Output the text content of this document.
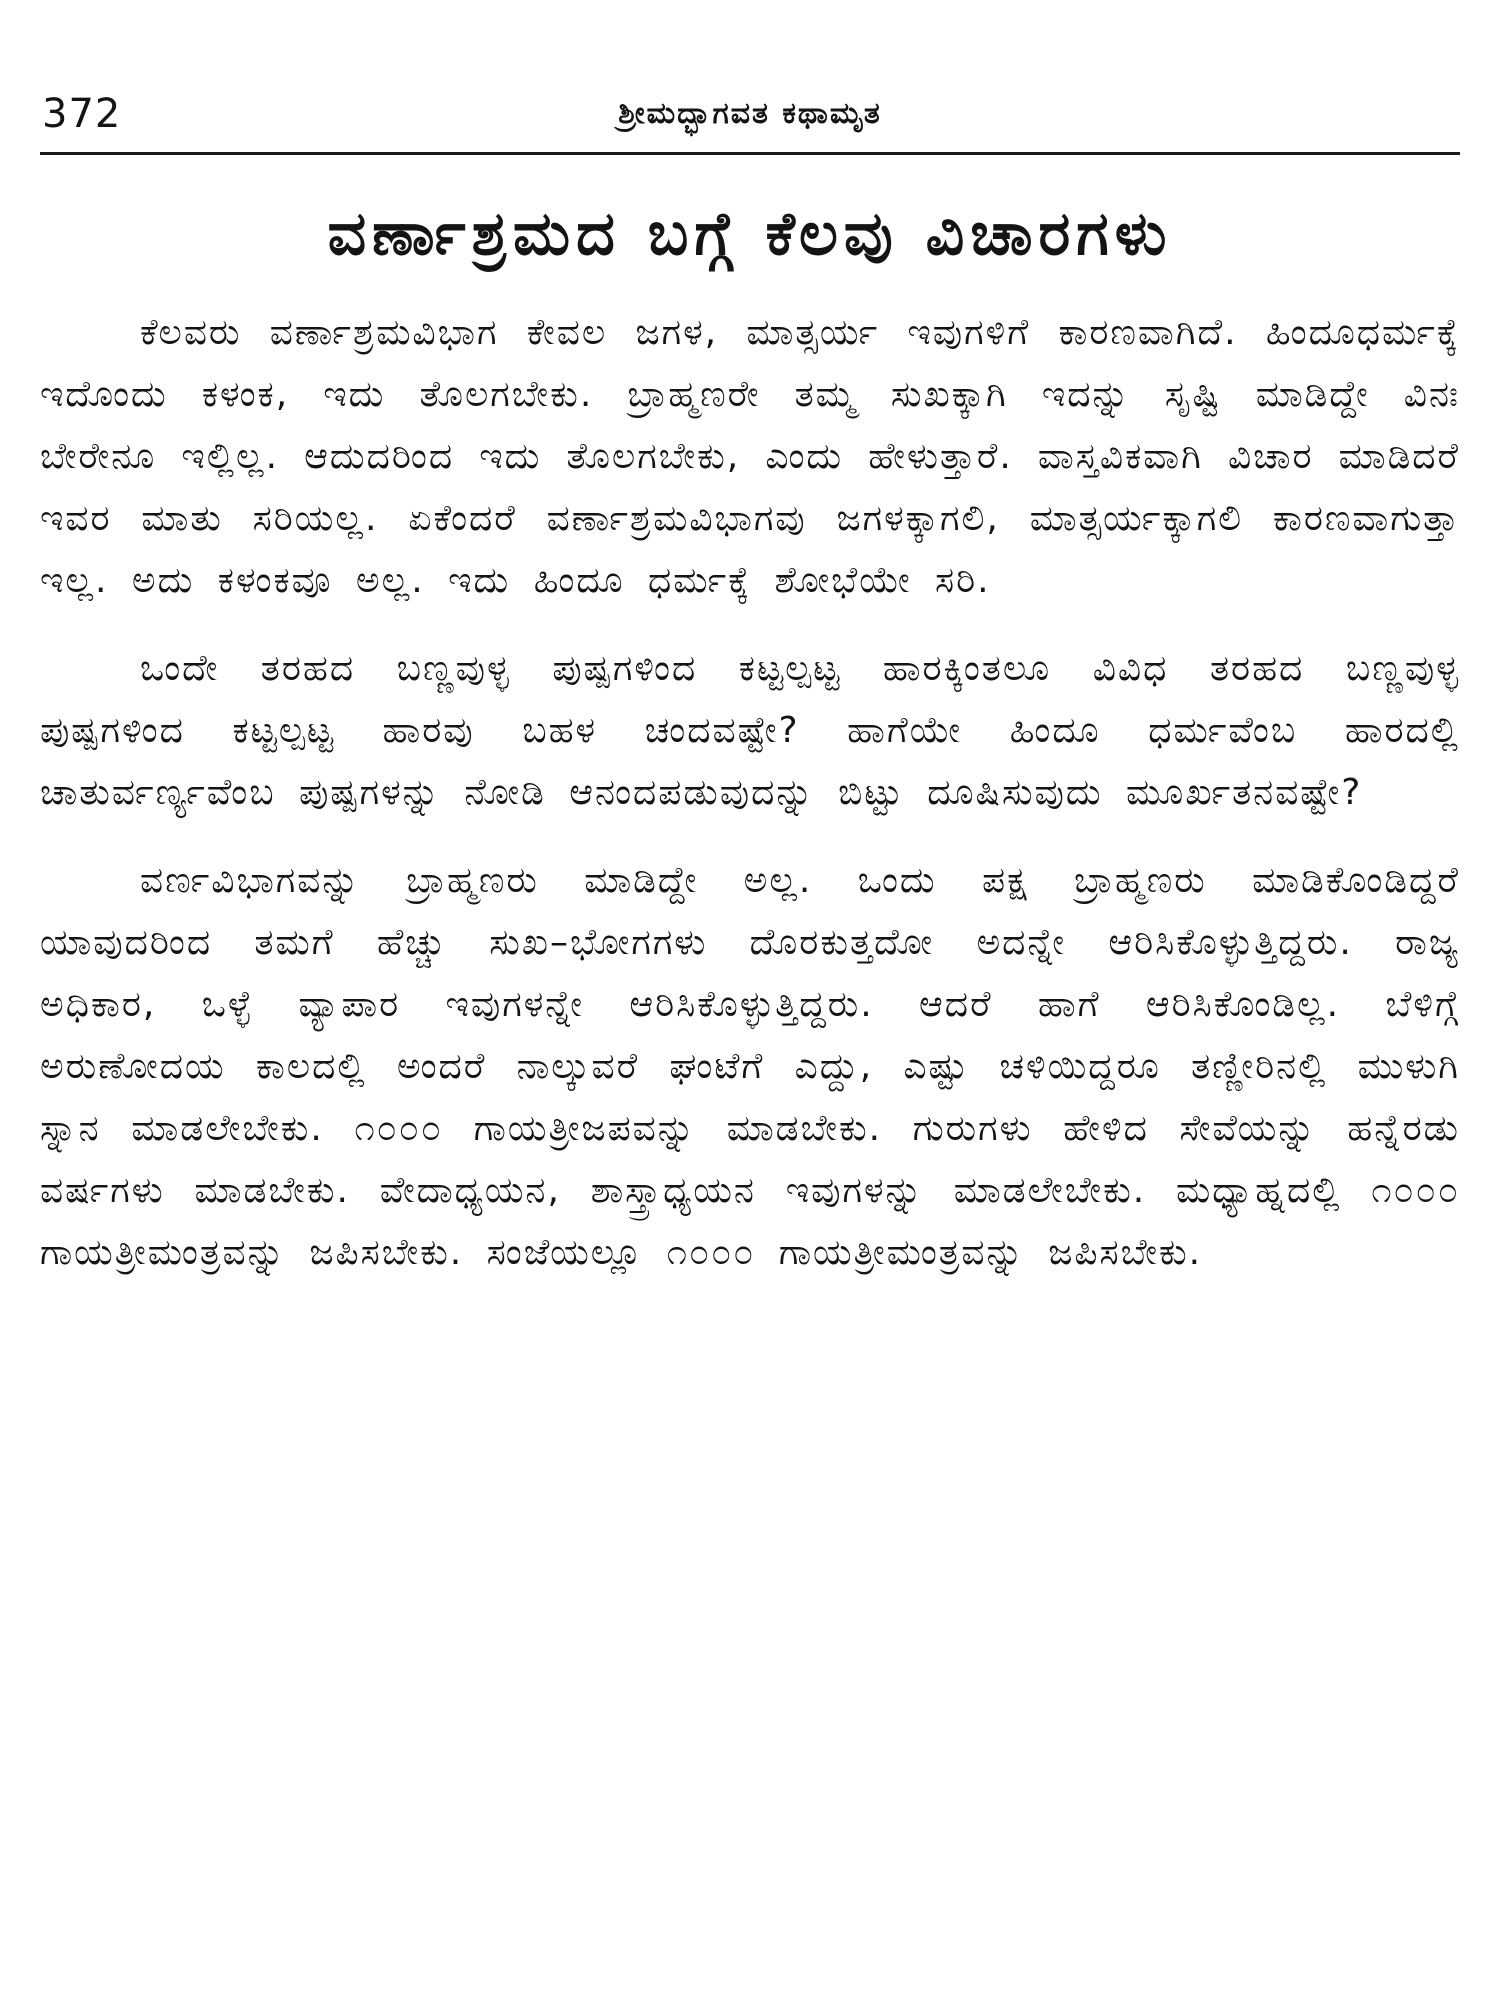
372	ಶ್ರೀಮದ್ಭಾಗವತ ಕಥಾಮೃತ
ವರ್ಣಾಶ್ರಮದ ಬಗ್ಗೆ ಕೆಲವು ವಿಚಾರಗಳು

ಕೆಲವರು ವರ್ಣಾಶ್ರಮವಿಭಾಗ ಕೇವಲ ಜಗಳ, ಮಾತ್ಸರ್ಯ ಇವುಗಳಿಗೆ ಕಾರಣವಾಗಿದೆ. ಹಿಂದೂಧರ್ಮಕ್ಕೆ ಇದೊಂದು ಕಳಂಕ, ಇದು ತೊಲಗಬೇಕು. ಬ್ರಾಹ್ಮಣರೇ ತಮ್ಮ ಸುಖಕ್ಕಾಗಿ ಇದನ್ನು ಸೃಷ್ಟಿ ಮಾಡಿದ್ದೇ ವಿನಃ ಬೇರೇನೂ ಇಲ್ಲಿಲ್ಲ. ಆದುದರಿಂದ ಇದು ತೊಲಗಬೇಕು, ಎಂದು ಹೇಳುತ್ತಾರೆ. ವಾಸ್ತವಿಕವಾಗಿ ವಿಚಾರ ಮಾಡಿದರೆ ಇವರ ಮಾತು ಸರಿಯಲ್ಲ. ಏಕೆಂದರೆ ವರ್ಣಾಶ್ರಮವಿಭಾಗವು ಜಗಳಕ್ಕಾಗಲಿ, ಮಾತ್ಸರ್ಯಕ್ಕಾಗಲಿ ಕಾರಣವಾಗುತ್ತಾ ಇಲ್ಲ. ಅದು ಕಳಂಕವೂ ಅಲ್ಲ. ಇದು ಹಿಂದೂ ಧರ್ಮಕ್ಕೆ ಶೋಭೆಯೇ ಸರಿ.

ಒಂದೇ ತರಹದ ಬಣ್ಣವುಳ್ಳ ಪುಷ್ಪಗಳಿಂದ ಕಟ್ಟಲ್ಪಟ್ಟ ಹಾರಕ್ಕಿಂತಲೂ ವಿವಿಧ ತರಹದ ಬಣ್ಣವುಳ್ಳ ಪುಷ್ಪಗಳಿಂದ ಕಟ್ಟಲ್ಪಟ್ಟ ಹಾರವು ಬಹಳ ಚಂದವಷ್ಟೇ? ಹಾಗೆಯೇ ಹಿಂದೂ ಧರ್ಮವೆಂಬ ಹಾರದಲ್ಲಿ ಚಾತುರ್ವರ್ಣ್ಯವೆಂಬ ಪುಷ್ಪಗಳನ್ನು ನೋಡಿ ಆನಂದಪಡುವುದನ್ನು ಬಿಟ್ಟು ದೂಷಿಸುವುದು ಮೂರ್ಖತನವಷ್ಟೇ?

ವರ್ಣವಿಭಾಗವನ್ನು ಬ್ರಾಹ್ಮಣರು ಮಾಡಿದ್ದೇ ಅಲ್ಲ. ಒಂದು ಪಕ್ಷ ಬ್ರಾಹ್ಮಣರು ಮಾಡಿಕೊಂಡಿದ್ದರೆ ಯಾವುದರಿಂದ ತಮಗೆ ಹೆಚ್ಚು ಸುಖ–ಭೋಗಗಳು ದೊರಕುತ್ತದೋ ಅದನ್ನೇ ಆರಿಸಿಕೊಳ್ಳುತ್ತಿದ್ದರು. ರಾಜ್ಯ ಅಧಿಕಾರ, ಒಳ್ಳೆ ವ್ಯಾಪಾರ ಇವುಗಳನ್ನೇ ಆರಿಸಿಕೊಳ್ಳುತ್ತಿದ್ದರು. ಆದರೆ ಹಾಗೆ ಆರಿಸಿಕೊಂಡಿಲ್ಲ. ಬೆಳಿಗ್ಗೆ ಅರುಣೋದಯ ಕಾಲದಲ್ಲಿ ಅಂದರೆ ನಾಲ್ಕುವರೆ ಘಂಟೆಗೆ ಎದ್ದು, ಎಷ್ಟು ಚಳಿಯಿದ್ದರೂ ತಣ್ಣೀರಿನಲ್ಲಿ ಮುಳುಗಿ ಸ್ನಾನ ಮಾಡಲೇಬೇಕು. ೧೦೦೦ ಗಾಯತ್ರೀಜಪವನ್ನು ಮಾಡಬೇಕು. ಗುರುಗಳು ಹೇಳಿದ ಸೇವೆಯನ್ನು ಹನ್ನೆರಡು ವರ್ಷಗಳು ಮಾಡಬೇಕು. ವೇದಾಧ್ಯಯನ, ಶಾಸ್ತ್ರಾಧ್ಯಯನ ಇವುಗಳನ್ನು ಮಾಡಲೇಬೇಕು. ಮಧ್ಯಾಹ್ನದಲ್ಲಿ ೧೦೦೦ ಗಾಯತ್ರೀಮಂತ್ರವನ್ನು ಜಪಿಸಬೇಕು. ಸಂಜೆಯಲ್ಲೂ ೧೦೦೦ ಗಾಯತ್ರೀಮಂತ್ರವನ್ನು ಜಪಿಸಬೇಕು.
